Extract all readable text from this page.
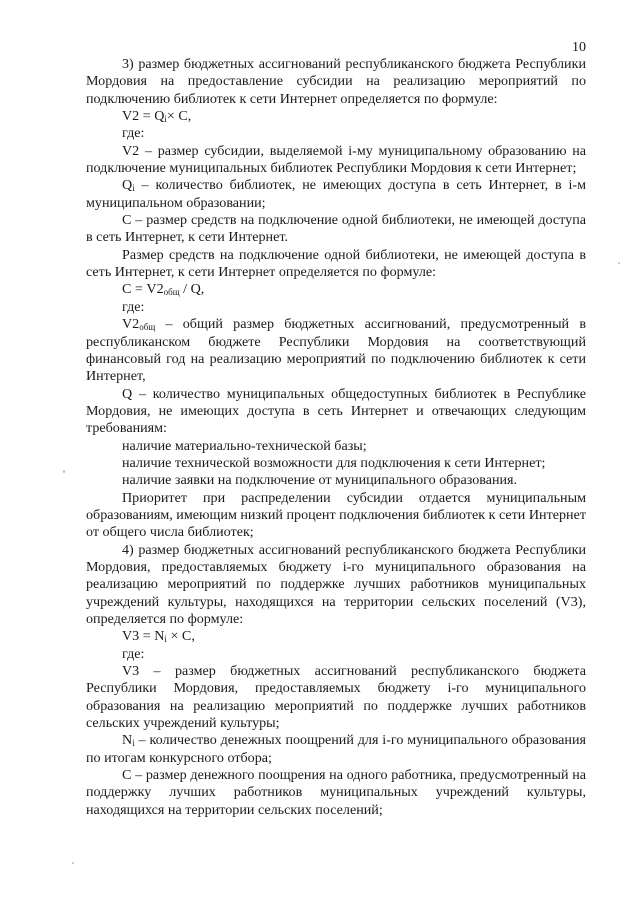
10

3) размер бюджетных ассигнований республиканского бюджета Республики Мордовия на предоставление субсидии на реализацию мероприятий по подключению библиотек к сети Интернет определяется по формуле:

$V2 = Q_i\times C$,

где:

V2 – размер субсидии, выделяемой i-му муниципальному образованию на подключение муниципальных библиотек Республики Мордовия к сети Интернет;

$Q_i$ – количество библиотек, не имеющих доступа в сеть Интернет, в i-м муниципальном образовании;

С – размер средств на подключение одной библиотеки, не имеющей доступа в сеть Интернет, к сети Интернет.

Размер средств на подключение одной библиотеки, не имеющей доступа в сеть Интернет, к сети Интернет определяется по формуле:

$С = V2_{общ} / Q$,

где:

$V2_{общ}$ – общий размер бюджетных ассигнований, предусмотренный в республиканском бюджете Республики Мордовия на соответствующий финансовый год на реализацию мероприятий по подключению библиотек к сети Интернет,

Q – количество муниципальных общедоступных библиотек в Республике Мордовия, не имеющих доступа в сеть Интернет и отвечающих следующим требованиям:

наличие материально-технической базы;

наличие технической возможности для подключения к сети Интернет;

наличие заявки на подключение от муниципального образования.

Приоритет при распределении субсидии отдается муниципальным образованиям, имеющим низкий процент подключения библиотек к сети Интернет от общего числа библиотек;

4) размер бюджетных ассигнований республиканского бюджета Республики Мордовия, предоставляемых бюджету i-го муниципального образования на реализацию мероприятий по поддержке лучших работников муниципальных учреждений культуры, находящихся на территории сельских поселений (V3), определяется по формуле:

$V3 = N_i \times С$,

где:

V3 – размер бюджетных ассигнований республиканского бюджета Республики Мордовия, предоставляемых бюджету i-го муниципального образования на реализацию мероприятий по поддержке лучших работников сельских учреждений культуры;

$N_i$ – количество денежных поощрений для i-го муниципального образования по итогам конкурсного отбора;

С – размер денежного поощрения на одного работника, предусмотренный на поддержку лучших работников муниципальных учреждений культуры, находящихся на территории сельских поселений;
